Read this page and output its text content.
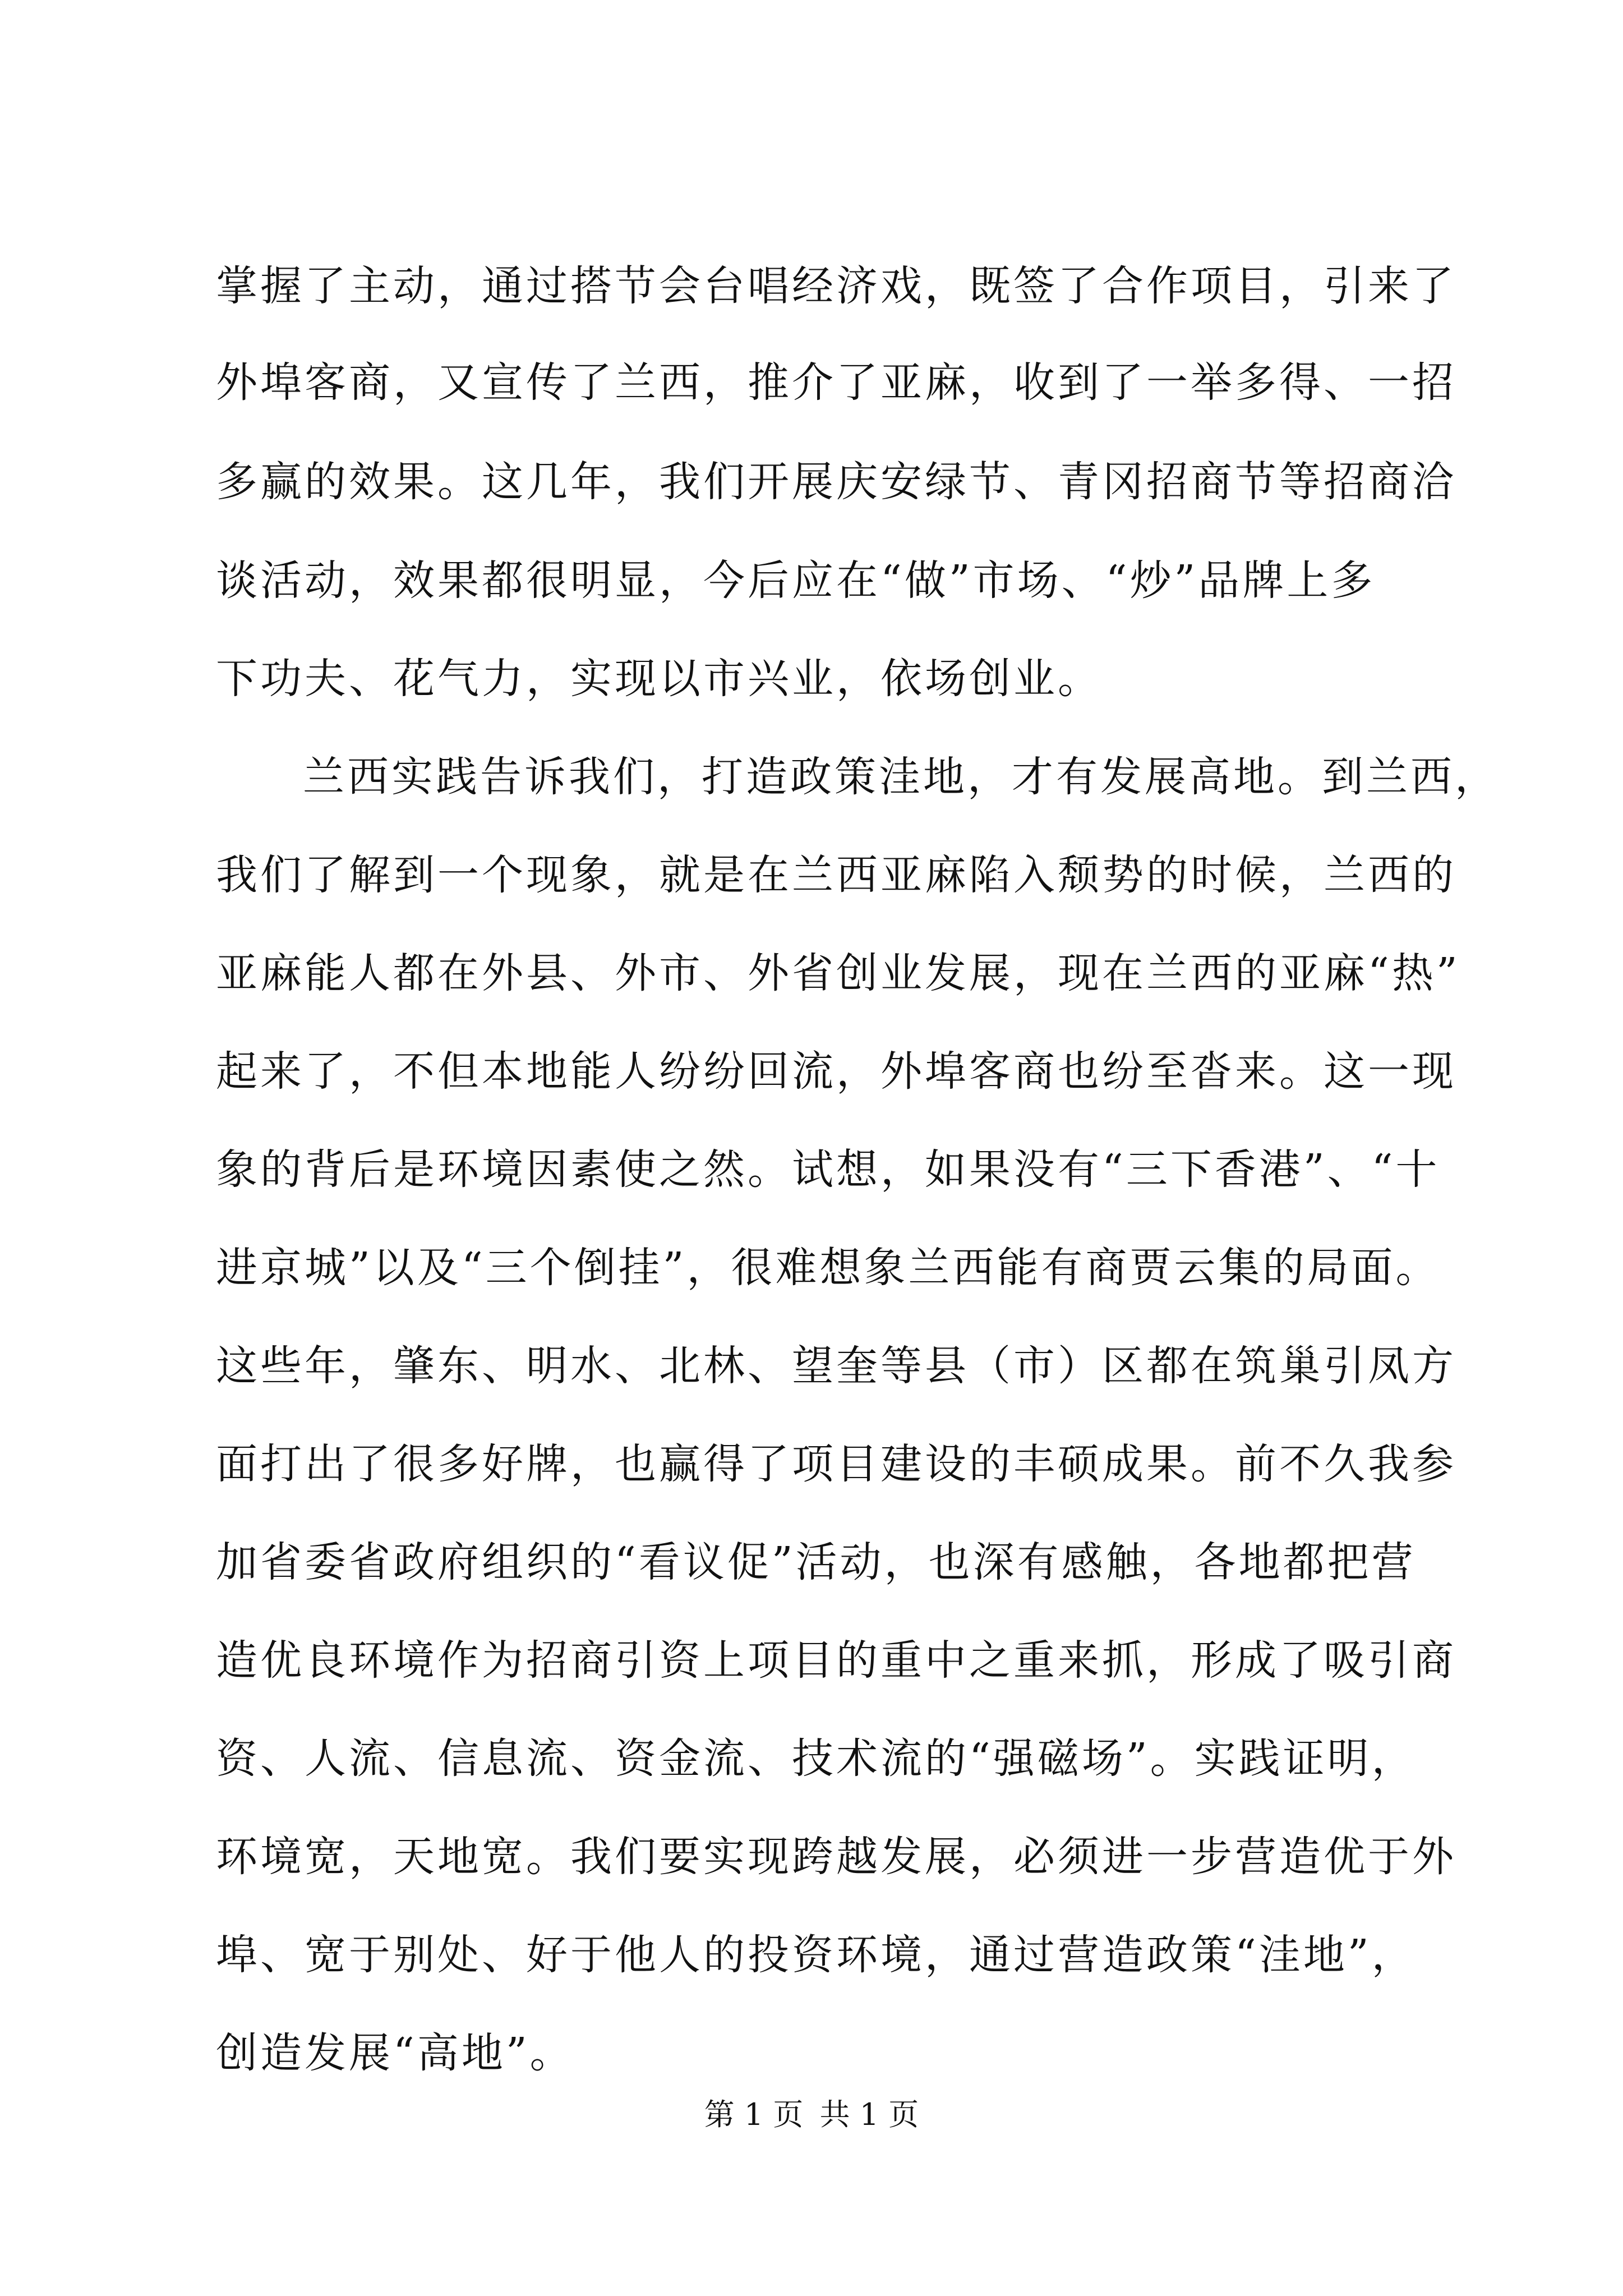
掌握了主动，通过搭节会台唱经济戏，既签了合作项目，引来了
外埠客商，又宣传了兰西，推介了亚麻，收到了一举多得、一招
多赢的效果。这几年，我们开展庆安绿节、青冈招商节等招商洽
谈活动，效果都很明显，今后应在“做”市场、“炒”品牌上多
下功夫、花气力，实现以市兴业，依场创业。
兰西实践告诉我们，打造政策洼地，才有发展高地。到兰西，
我们了解到一个现象，就是在兰西亚麻陷入颓势的时候，兰西的
亚麻能人都在外县、外市、外省创业发展，现在兰西的亚麻“热”
起来了，不但本地能人纷纷回流，外埠客商也纷至沓来。这一现
象的背后是环境因素使之然。试想，如果没有“三下香港”、“十
进京城”以及“三个倒挂”，很难想象兰西能有商贾云集的局面。
这些年，肇东、明水、北林、望奎等县（市）区都在筑巢引凤方
面打出了很多好牌，也赢得了项目建设的丰硕成果。前不久我参
加省委省政府组织的“看议促”活动，也深有感触，各地都把营
造优良环境作为招商引资上项目的重中之重来抓，形成了吸引商
资、人流、信息流、资金流、技术流的“强磁场”。实践证明，
环境宽，天地宽。我们要实现跨越发展，必须进一步营造优于外
埠、宽于别处、好于他人的投资环境，通过营造政策“洼地”，
创造发展“高地”。
第 1 页 共 1 页
